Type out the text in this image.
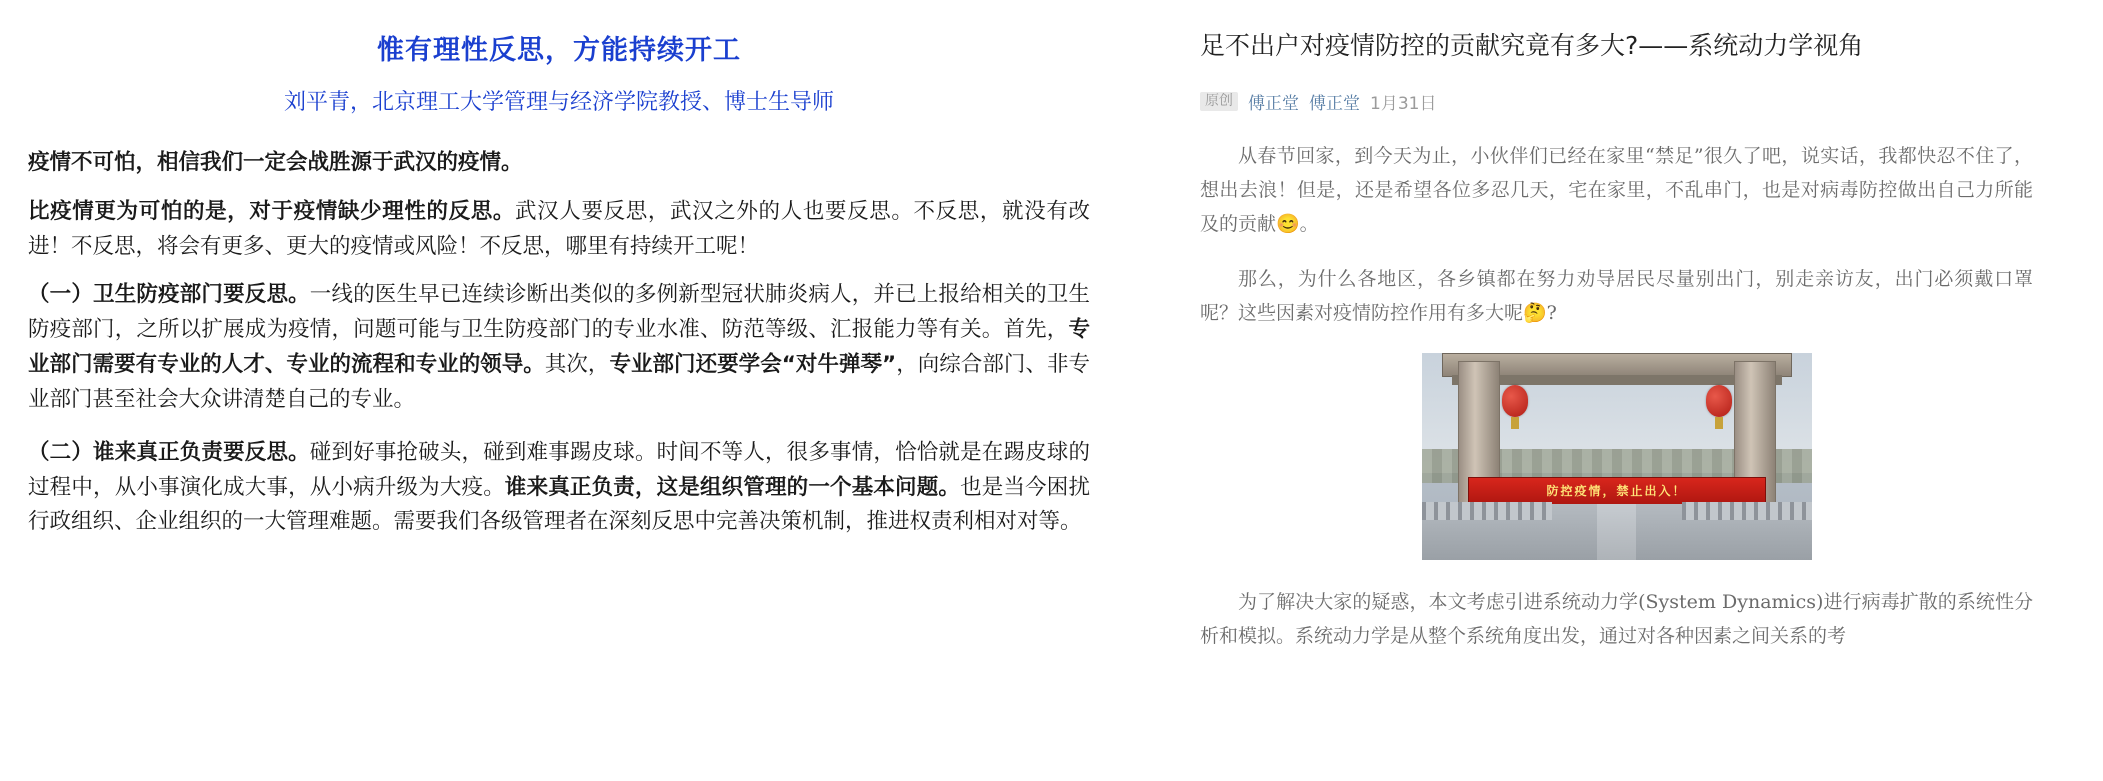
惟有理性反思，方能持续开工
刘平青，北京理工大学管理与经济学院教授、博士生导师

疫情不可怕，相信我们一定会战胜源于武汉的疫情。

比疫情更为可怕的是，对于疫情缺少理性的反思。武汉人要反思，武汉之外的人也要反思。不反思，就没有改进！不反思，将会有更多、更大的疫情或风险！不反思，哪里有持续开工呢！

（一）卫生防疫部门要反思。一线的医生早已连续诊断出类似的多例新型冠状肺炎病人，并已上报给相关的卫生防疫部门，之所以扩展成为疫情，问题可能与卫生防疫部门的专业水准、防范等级、汇报能力等有关。首先，专业部门需要有专业的人才、专业的流程和专业的领导。其次，专业部门还要学会“对牛弹琴”，向综合部门、非专业部门甚至社会大众讲清楚自己的专业。

（二）谁来真正负责要反思。碰到好事抢破头，碰到难事踢皮球。时间不等人，很多事情，恰恰就是在踢皮球的过程中，从小事演化成大事，从小病升级为大疫。谁来真正负责，这是组织管理的一个基本问题。也是当今困扰行政组织、企业组织的一大管理难题。需要我们各级管理者在深刻反思中完善决策机制，推进权责利相对对等。

足不出户对疫情防控的贡献究竟有多大?——系统动力学视角
原创 傅正堂 傅正堂 1月31日

从春节回家，到今天为止，小伙伴们已经在家里“禁足”很久了吧，说实话，我都快忍不住了，想出去浪！但是，还是希望各位多忍几天，宅在家里，不乱串门，也是对病毒防控做出自己力所能及的贡献😊。

那么，为什么各地区，各乡镇都在努力劝导居民尽量别出门，别走亲访友，出门必须戴口罩呢？这些因素对疫情防控作用有多大呢🤔?

防控疫情，禁止出入！

为了解决大家的疑惑，本文考虑引进系统动力学(System Dynamics)进行病毒扩散的系统性分析和模拟。系统动力学是从整个系统角度出发，通过对各种因素之间关系的考
